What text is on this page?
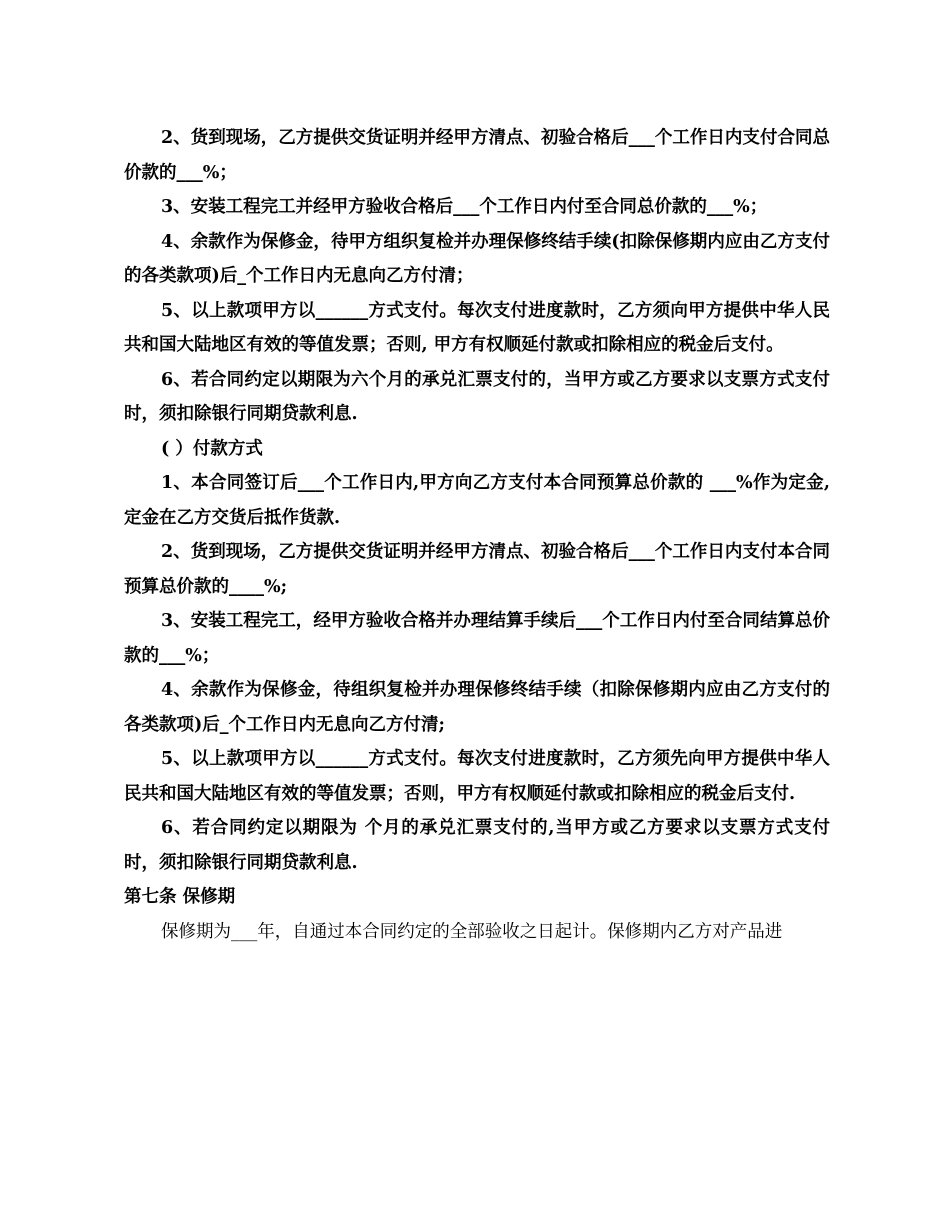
2、货到现场，乙方提供交货证明并经甲方清点、初验合格后___个工作日内支付合同总价款的___%；

3、安装工程完工并经甲方验收合格后___个工作日内付至合同总价款的___%；

4、余款作为保修金，待甲方组织复检并办理保修终结手续(扣除保修期内应由乙方支付的各类款项)后_个工作日内无息向乙方付清；

5、以上款项甲方以______方式支付。每次支付进度款时，乙方须向甲方提供中华人民共和国大陆地区有效的等值发票；否则, 甲方有权顺延付款或扣除相应的税金后支付。

6、若合同约定以期限为六个月的承兑汇票支付的，当甲方或乙方要求以支票方式支付时，须扣除银行同期贷款利息.

( ）付款方式

1、本合同签订后___个工作日内,甲方向乙方支付本合同预算总价款的 ___%作为定金,定金在乙方交货后抵作货款.

2、货到现场，乙方提供交货证明并经甲方清点、初验合格后___个工作日内支付本合同预算总价款的____%;

3、安装工程完工，经甲方验收合格并办理结算手续后___个工作日内付至合同结算总价款的___%；

4、余款作为保修金，待组织复检并办理保修终结手续（扣除保修期内应由乙方支付的各类款项)后_个工作日内无息向乙方付清;

5、以上款项甲方以______方式支付。每次支付进度款时，乙方须先向甲方提供中华人民共和国大陆地区有效的等值发票；否则，甲方有权顺延付款或扣除相应的税金后支付.

6、若合同约定以期限为 个月的承兑汇票支付的,当甲方或乙方要求以支票方式支付时，须扣除银行同期贷款利息.

第七条 保修期

保修期为___年，自通过本合同约定的全部验收之日起计。保修期内乙方对产品进
